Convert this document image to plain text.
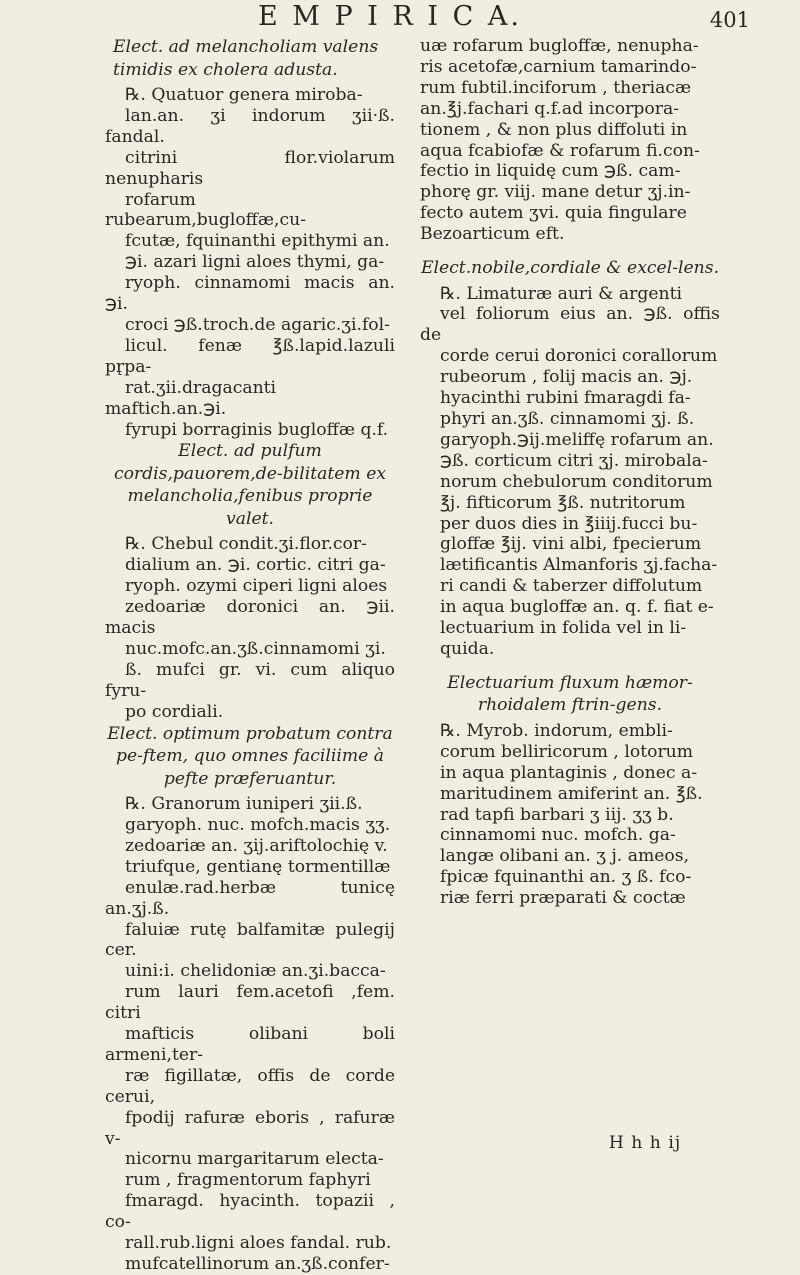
E M P I R I C A.	401
Elect. ad melancholiam valens timidis ex cholera adusta.

℞. Quatuor genera miroba-
lan.an. ʒi indorum ʒii·ß. fandal.
citrini flor.violarum nenupharis
rofarum rubearum,bugloffæ,cu-
fcutæ, fquinanthi epithymi an.
℈i. azari ligni aloes thymi, ga-
ryoph. cinnamomi macis an. ℈i.
croci ℈ß.troch.de agaric.ʒi.fol-
licul. fenæ ℥ß.lapid.lazuli pr̨pa-
rat.ʒii.dragacanti maftich.an.℈i.
fyrupi borraginis bugloffæ q.f.

Elect. ad pulfum cordis,pauorem,de-bilitatem ex melancholia,fenibus proprie valet.

℞. Chebul condit.ʒi.flor.cor-
dialium an. ℈i. cortic. citri ga-
ryoph. ozymi ciperi ligni aloes
zedoariæ doronici an. ℈ii. macis
nuc.mofc.an.ʒß.cinnamomi ʒi.
ß. mufci gr. vi. cum aliquo fyru-
po cordiali.

Elect. optimum probatum contra pe-ftem, quo omnes faciliime à pefte præferuantur.

℞. Granorum iuniperi ʒii.ß.
garyoph. nuc. mofch.macis ʒʒ.
zedoariæ an. ʒij.ariftolochię v.
triufque, gentianę tormentillæ
enulæ.rad.herbæ tunicę an.ʒj.ß.
faluiæ rutę balfamitæ pulegij cer.
uini:i. chelidoniæ an.ʒi.bacca-
rum lauri fem.acetofi ,fem. citri
mafticis olibani boli armeni,ter-
ræ figillatæ, offis de corde cerui,
fpodij rafuræ eboris , rafuræ v-
nicornu margaritarum electa-
rum , fragmentorum faphyri
fmaragd. hyacinth. topazii , co-
rall.rub.ligni aloes fandal. rub.
mufcatellinorum an.ʒß.confer-

uæ rofarum bugloffæ, nenupha-
ris acetofæ,carnium tamarindo-
rum fubtil.inciforum , theriacæ
an.℥j.fachari q.f.ad incorpora-
tionem , & non plus diffoluti in
aqua fcabiofæ & rofarum fi.con-
fectio in liquidę cum ℈ß. cam-
phorę gr. viij. mane detur ʒj.in-
fecto autem ʒvi. quia fingulare
Bezoarticum eft.

Elect.nobile,cordiale & excel-lens.

℞. Limaturæ auri & argenti
vel foliorum eius an. ℈ß. offis de
corde cerui doronici corallorum
rubeorum , folij macis an. ℈j.
hyacinthi rubini fmaragdi fa-
phyri an.ʒß. cinnamomi ʒj. ß.
garyoph.℈ij.meliffę rofarum an.
℈ß. corticum citri ʒj. mirobala-
norum chebulorum conditorum
℥j. fifticorum ℥ß. nutritorum
per duos dies in ℥iiij.fucci bu-
gloffæ ℥ij. vini albi, fpecierum
lætificantis Almanforis ʒj.facha-
ri candi & taberzer diffolutum
in aqua bugloffæ an. q. f. fiat e-
lectuarium in folida vel in li-
quida.

Electuarium fluxum hæmor-rhoidalem ftrin-gens.

℞. Myrob. indorum, embli-
corum belliricorum , lotorum
in aqua plantaginis , donec a-
maritudinem amiferint an. ℥ß.
rad tapfi barbari ʒ iij. ʒʒ b.
cinnamomi nuc. mofch. ga-
langæ olibani an. ʒ j. ameos,
fpicæ fquinanthi an. ʒ ß. fco-
riæ ferri præparati & coctæ

H h h ij
